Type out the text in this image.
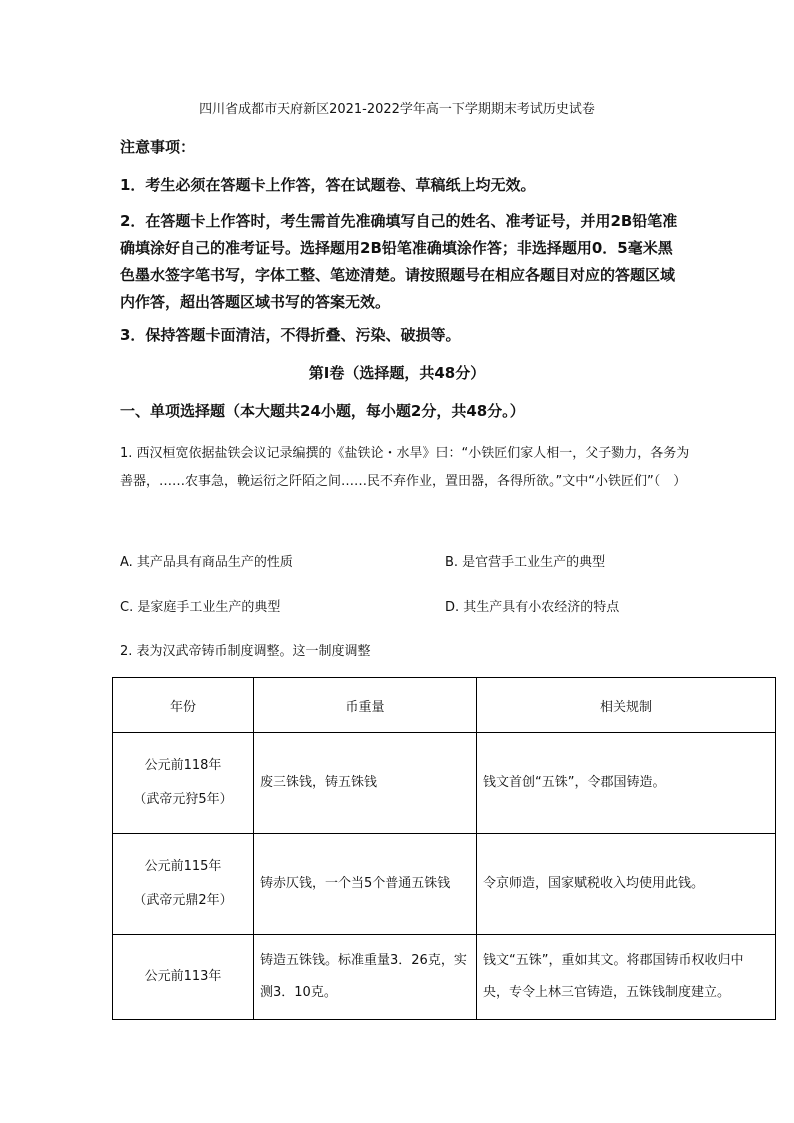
四川省成都市天府新区2021-2022学年高一下学期期末考试历史试卷
注意事项：

1．考生必须在答题卡上作答，答在试题卷、草稿纸上均无效。

2．在答题卡上作答时，考生需首先准确填写自己的姓名、准考证号，并用2B铅笔准确填涂好自己的准考证号。选择题用2B铅笔准确填涂作答；非选择题用0．5毫米黑色墨水签字笔书写，字体工整、笔迹清楚。请按照题号在相应各题目对应的答题区域内作答，超出答题区域书写的答案无效。

3．保持答题卡面清洁，不得折叠、污染、破损等。

第I卷（选择题，共48分）
一、单项选择题（本大题共24小题，每小题2分，共48分。）

1. 西汉桓宽依据盐铁会议记录编撰的《盐铁论・水旱》曰：“小铁匠们家人相一，父子勠力，各务为善器，……农事急，輓运衍之阡陌之间……民不弃作业，置田器，各得所欲。”文中“小铁匠们”（　）

A. 其产品具有商品生产的性质	B. 是官营手工业生产的典型
C. 是家庭手工业生产的典型	D. 其生产具有小农经济的特点
2. 表为汉武帝铸币制度调整。这一制度调整
年份	币重量	相关规制

公元前118年
（武帝元狩5年）	废三铢钱，铸五铢钱	钱文首创“五铢”，令郡国铸造。

公元前115年
（武帝元鼎2年）	铸赤仄钱，一个当5个普通五铢钱	令京师造，国家赋税收入均使用此钱。

公元前113年	铸造五铢钱。标准重量3．26克，实测3．10克。	钱文“五铢”，重如其文。将郡国铸币权收归中央，专令上林三官铸造，五铢钱制度建立。
